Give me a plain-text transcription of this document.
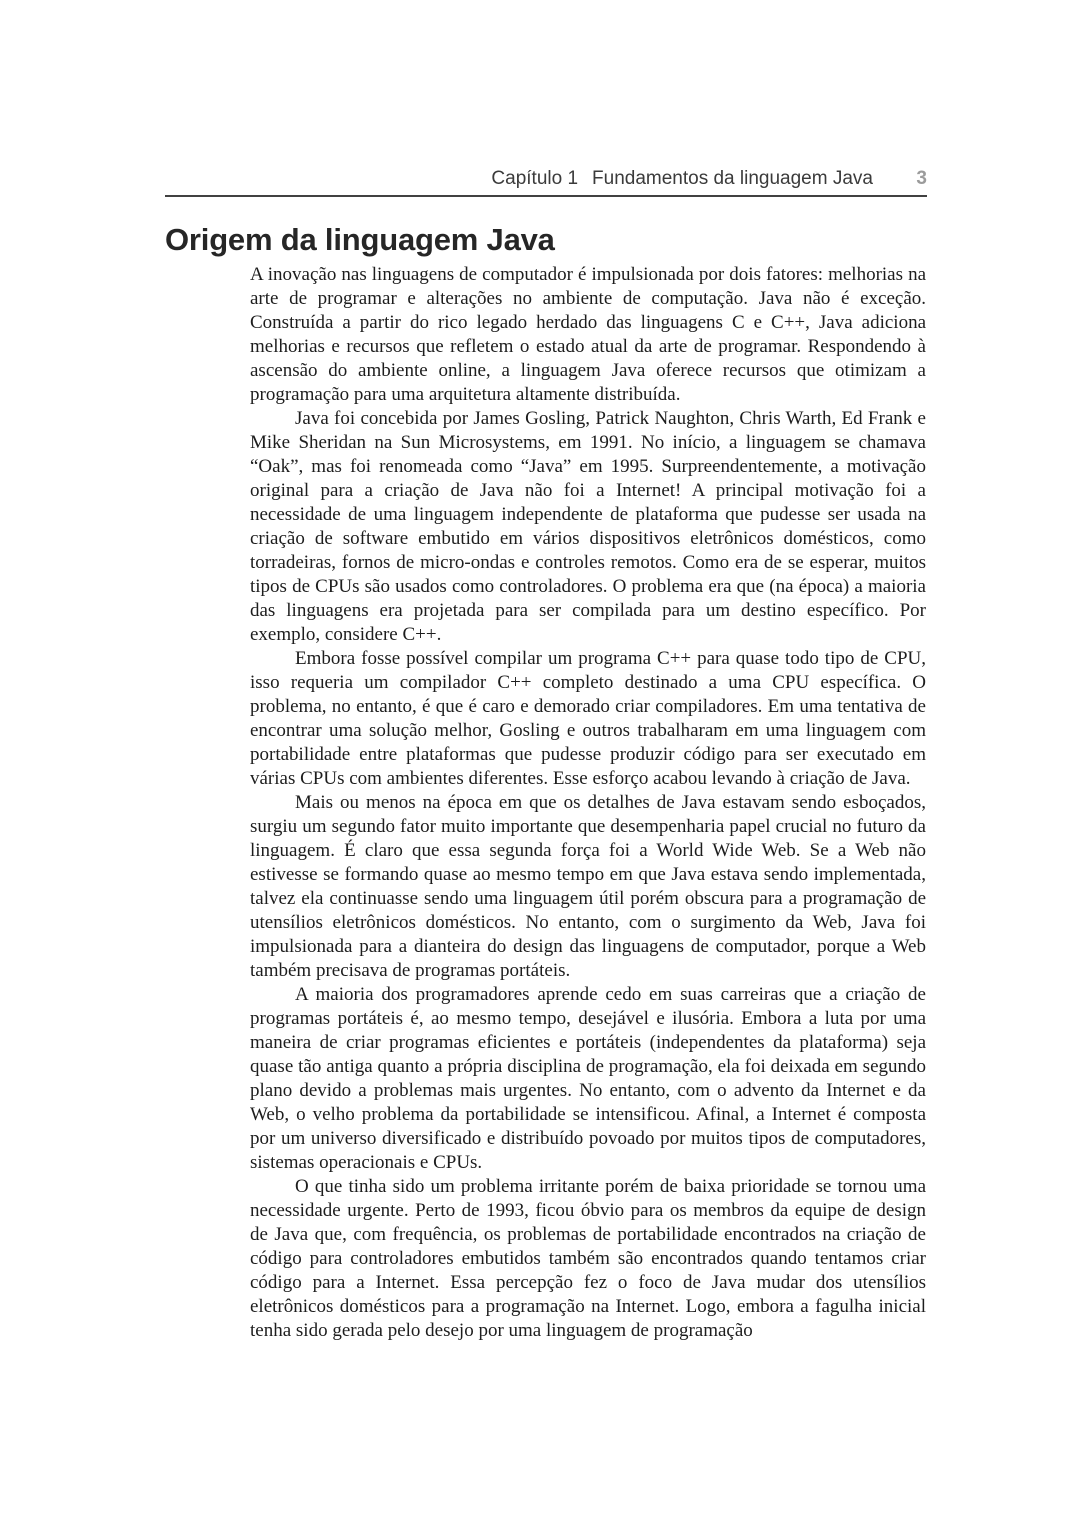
Capítulo 1 Fundamentos da linguagem Java 3
Origem da linguagem Java

A inovação nas linguagens de computador é impulsionada por dois fatores: melhorias na arte de programar e alterações no ambiente de computação. Java não é exceção. Construída a partir do rico legado herdado das linguagens C e C++, Java adiciona melhorias e recursos que refletem o estado atual da arte de programar. Respondendo à ascensão do ambiente online, a linguagem Java oferece recursos que otimizam a programação para uma arquitetura altamente distribuída.

Java foi concebida por James Gosling, Patrick Naughton, Chris Warth, Ed Frank e Mike Sheridan na Sun Microsystems, em 1991. No início, a linguagem se chamava “Oak”, mas foi renomeada como “Java” em 1995. Surpreendentemente, a motivação original para a criação de Java não foi a Internet! A principal motivação foi a necessidade de uma linguagem independente de plataforma que pudesse ser usada na criação de software embutido em vários dispositivos eletrônicos domésticos, como torradeiras, fornos de micro-ondas e controles remotos. Como era de se esperar, muitos tipos de CPUs são usados como controladores. O problema era que (na época) a maioria das linguagens era projetada para ser compilada para um destino específico. Por exemplo, considere C++.

Embora fosse possível compilar um programa C++ para quase todo tipo de CPU, isso requeria um compilador C++ completo destinado a uma CPU específica. O problema, no entanto, é que é caro e demorado criar compiladores. Em uma tentativa de encontrar uma solução melhor, Gosling e outros trabalharam em uma linguagem com portabilidade entre plataformas que pudesse produzir código para ser executado em várias CPUs com ambientes diferentes. Esse esforço acabou levando à criação de Java.

Mais ou menos na época em que os detalhes de Java estavam sendo esboçados, surgiu um segundo fator muito importante que desempenharia papel crucial no futuro da linguagem. É claro que essa segunda força foi a World Wide Web. Se a Web não estivesse se formando quase ao mesmo tempo em que Java estava sendo implementada, talvez ela continuasse sendo uma linguagem útil porém obscura para a programação de utensílios eletrônicos domésticos. No entanto, com o surgimento da Web, Java foi impulsionada para a dianteira do design das linguagens de computador, porque a Web também precisava de programas portáteis.

A maioria dos programadores aprende cedo em suas carreiras que a criação de programas portáteis é, ao mesmo tempo, desejável e ilusória. Embora a luta por uma maneira de criar programas eficientes e portáteis (independentes da plataforma) seja quase tão antiga quanto a própria disciplina de programação, ela foi deixada em segundo plano devido a problemas mais urgentes. No entanto, com o advento da Internet e da Web, o velho problema da portabilidade se intensificou. Afinal, a Internet é composta por um universo diversificado e distribuído povoado por muitos tipos de computadores, sistemas operacionais e CPUs.

O que tinha sido um problema irritante porém de baixa prioridade se tornou uma necessidade urgente. Perto de 1993, ficou óbvio para os membros da equipe de design de Java que, com frequência, os problemas de portabilidade encontrados na criação de código para controladores embutidos também são encontrados quando tentamos criar código para a Internet. Essa percepção fez o foco de Java mudar dos utensílios eletrônicos domésticos para a programação na Internet. Logo, embora a fagulha inicial tenha sido gerada pelo desejo por uma linguagem de programação
